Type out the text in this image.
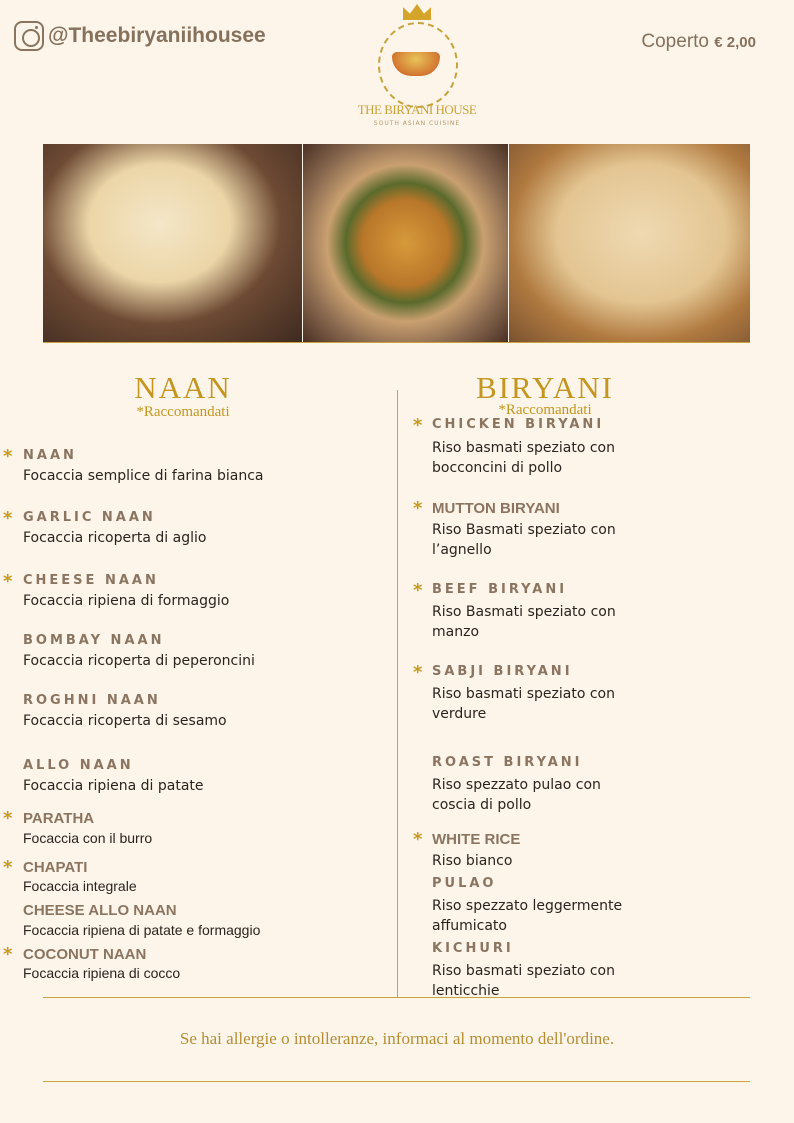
@Theebiryaniihousee	Coperto € 2,00
THE BIRYANI HOUSE
SOUTH ASIAN CUISINE
NAAN
*Raccomandati
BIRYANI
*Raccomandati
* NAAN
Focaccia semplice di farina bianca
* GARLIC NAAN
Focaccia ricoperta di aglio
* CHEESE NAAN
Focaccia ripiena di formaggio
BOMBAY NAAN
Focaccia ricoperta di peperoncini
ROGHNI NAAN
Focaccia ricoperta di sesamo
ALLO NAAN
Focaccia ripiena di patate
* PARATHA
Focaccia con il burro
* CHAPATI
Focaccia integrale
CHEESE ALLO NAAN
Focaccia ripiena di patate e formaggio
* COCONUT NAAN
Focaccia ripiena di cocco
* CHICKEN BIRYANI
Riso basmati speziato con bocconcini di pollo
* MUTTON BIRYANI
Riso Basmati speziato con l’agnello
* BEEF BIRYANI
Riso Basmati speziato con manzo
* SABJI BIRYANI
Riso basmati speziato con verdure
ROAST BIRYANI
Riso spezzato pulao con coscia di pollo
* WHITE RICE
Riso bianco
PULAO
Riso spezzato leggermente affumicato
KICHURI
Riso basmati speziato con lenticchie
Se hai allergie o intolleranze, informaci al momento dell'ordine.
